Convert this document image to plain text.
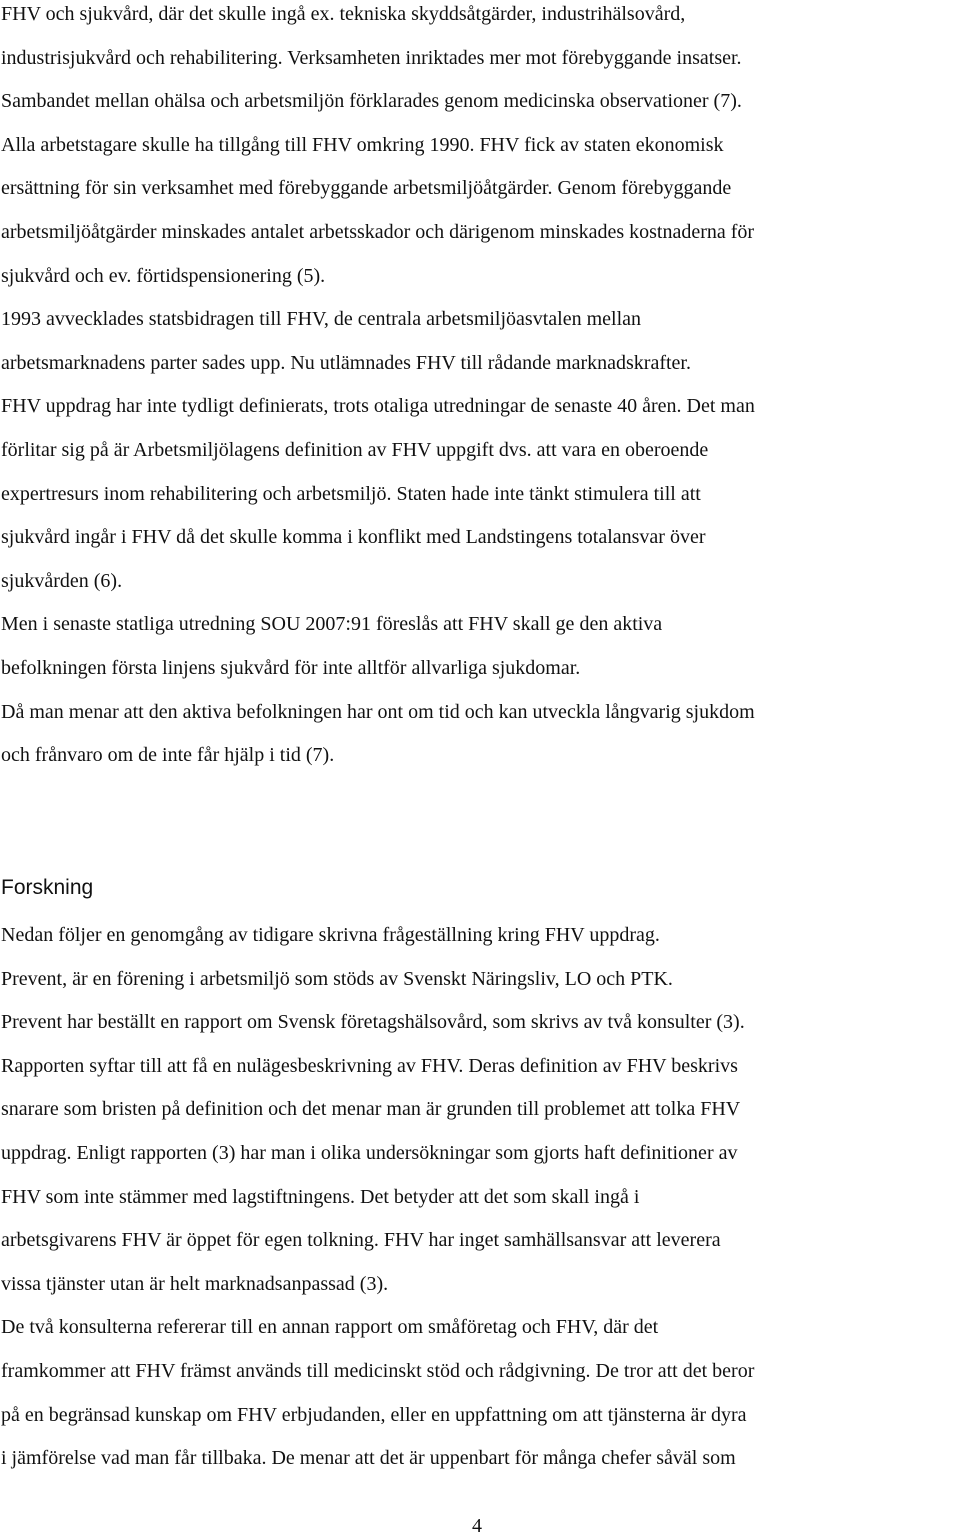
FHV och sjukvård, där det skulle ingå ex. tekniska skyddsåtgärder, industrihälsovård,

industrisjukvård och rehabilitering. Verksamheten inriktades mer mot förebyggande insatser.

Sambandet mellan ohälsa och arbetsmiljön förklarades genom medicinska observationer (7).

Alla arbetstagare skulle ha tillgång till FHV omkring 1990. FHV fick av staten ekonomisk

ersättning för sin verksamhet med förebyggande arbetsmiljöåtgärder. Genom förebyggande

arbetsmiljöåtgärder minskades antalet arbetsskador och därigenom minskades kostnaderna för

sjukvård och ev. förtidspensionering (5).

1993 avvecklades statsbidragen till FHV, de centrala arbetsmiljöasvtalen mellan

arbetsmarknadens parter sades upp. Nu utlämnades FHV till rådande marknadskrafter.

FHV uppdrag har inte tydligt definierats, trots otaliga utredningar de senaste 40 åren. Det man

förlitar sig på är Arbetsmiljölagens definition av FHV uppgift dvs. att vara en oberoende

expertresurs inom rehabilitering och arbetsmiljö. Staten hade inte tänkt stimulera till att

sjukvård ingår i FHV då det skulle komma i konflikt med Landstingens totalansvar över

sjukvården (6).

Men i senaste statliga utredning SOU 2007:91 föreslås att FHV skall ge den aktiva

befolkningen första linjens sjukvård för inte alltför allvarliga sjukdomar.

Då man menar att den aktiva befolkningen har ont om tid och kan utveckla långvarig sjukdom

och frånvaro om de inte får hjälp i tid (7).

Forskning

Nedan följer en genomgång av tidigare skrivna frågeställning kring FHV uppdrag.

Prevent, är en förening i arbetsmiljö som stöds av Svenskt Näringsliv, LO och PTK.

Prevent har beställt en rapport om Svensk företagshälsovård, som skrivs av två konsulter (3).

Rapporten syftar till att få en nulägesbeskrivning av FHV. Deras definition av FHV beskrivs

snarare som bristen på definition och det menar man är grunden till problemet att tolka FHV

uppdrag. Enligt rapporten (3) har man i olika undersökningar som gjorts haft definitioner av

FHV som inte stämmer med lagstiftningens. Det betyder att det som skall ingå i

arbetsgivarens FHV är öppet för egen tolkning. FHV har inget samhällsansvar att leverera

vissa tjänster utan är helt marknadsanpassad (3).

De två konsulterna refererar till en annan rapport om småföretag och FHV, där det

framkommer att FHV främst används till medicinskt stöd och rådgivning. De tror att det beror

på en begränsad kunskap om FHV erbjudanden, eller en uppfattning om att tjänsterna är dyra

i jämförelse vad man får tillbaka. De menar att det är uppenbart för många chefer såväl som

4
